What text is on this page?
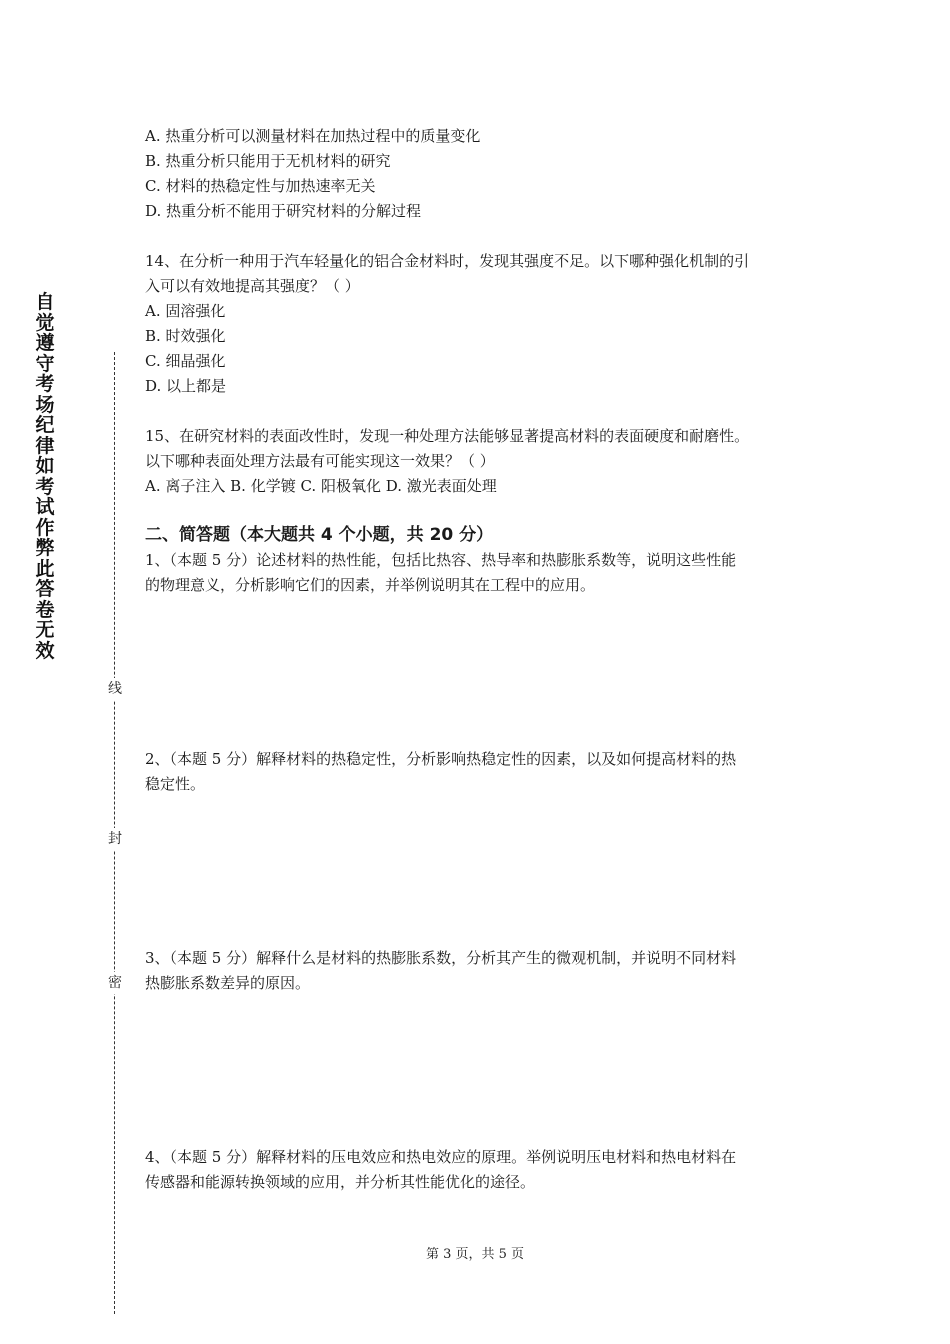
自觉遵守考场纪律如考试作弊此答卷无效
线
封
密
A. 热重分析可以测量材料在加热过程中的质量变化
B. 热重分析只能用于无机材料的研究
C. 材料的热稳定性与加热速率无关
D. 热重分析不能用于研究材料的分解过程
14、在分析一种用于汽车轻量化的铝合金材料时，发现其强度不足。以下哪种强化机制的引
入可以有效地提高其强度？（ ）
A. 固溶强化
B. 时效强化
C. 细晶强化
D. 以上都是
15、在研究材料的表面改性时，发现一种处理方法能够显著提高材料的表面硬度和耐磨性。
以下哪种表面处理方法最有可能实现这一效果？（ ）
A. 离子注入 B. 化学镀 C. 阳极氧化 D. 激光表面处理
二、简答题（本大题共 4 个小题，共 20 分）
1、（本题 5 分）论述材料的热性能，包括比热容、热导率和热膨胀系数等，说明这些性能
的物理意义，分析影响它们的因素，并举例说明其在工程中的应用。
2、（本题 5 分）解释材料的热稳定性，分析影响热稳定性的因素，以及如何提高材料的热
稳定性。
3、（本题 5 分）解释什么是材料的热膨胀系数，分析其产生的微观机制，并说明不同材料
热膨胀系数差异的原因。
4、（本题 5 分）解释材料的压电效应和热电效应的原理。举例说明压电材料和热电材料在
传感器和能源转换领域的应用，并分析其性能优化的途径。
第 3 页，共 5 页
